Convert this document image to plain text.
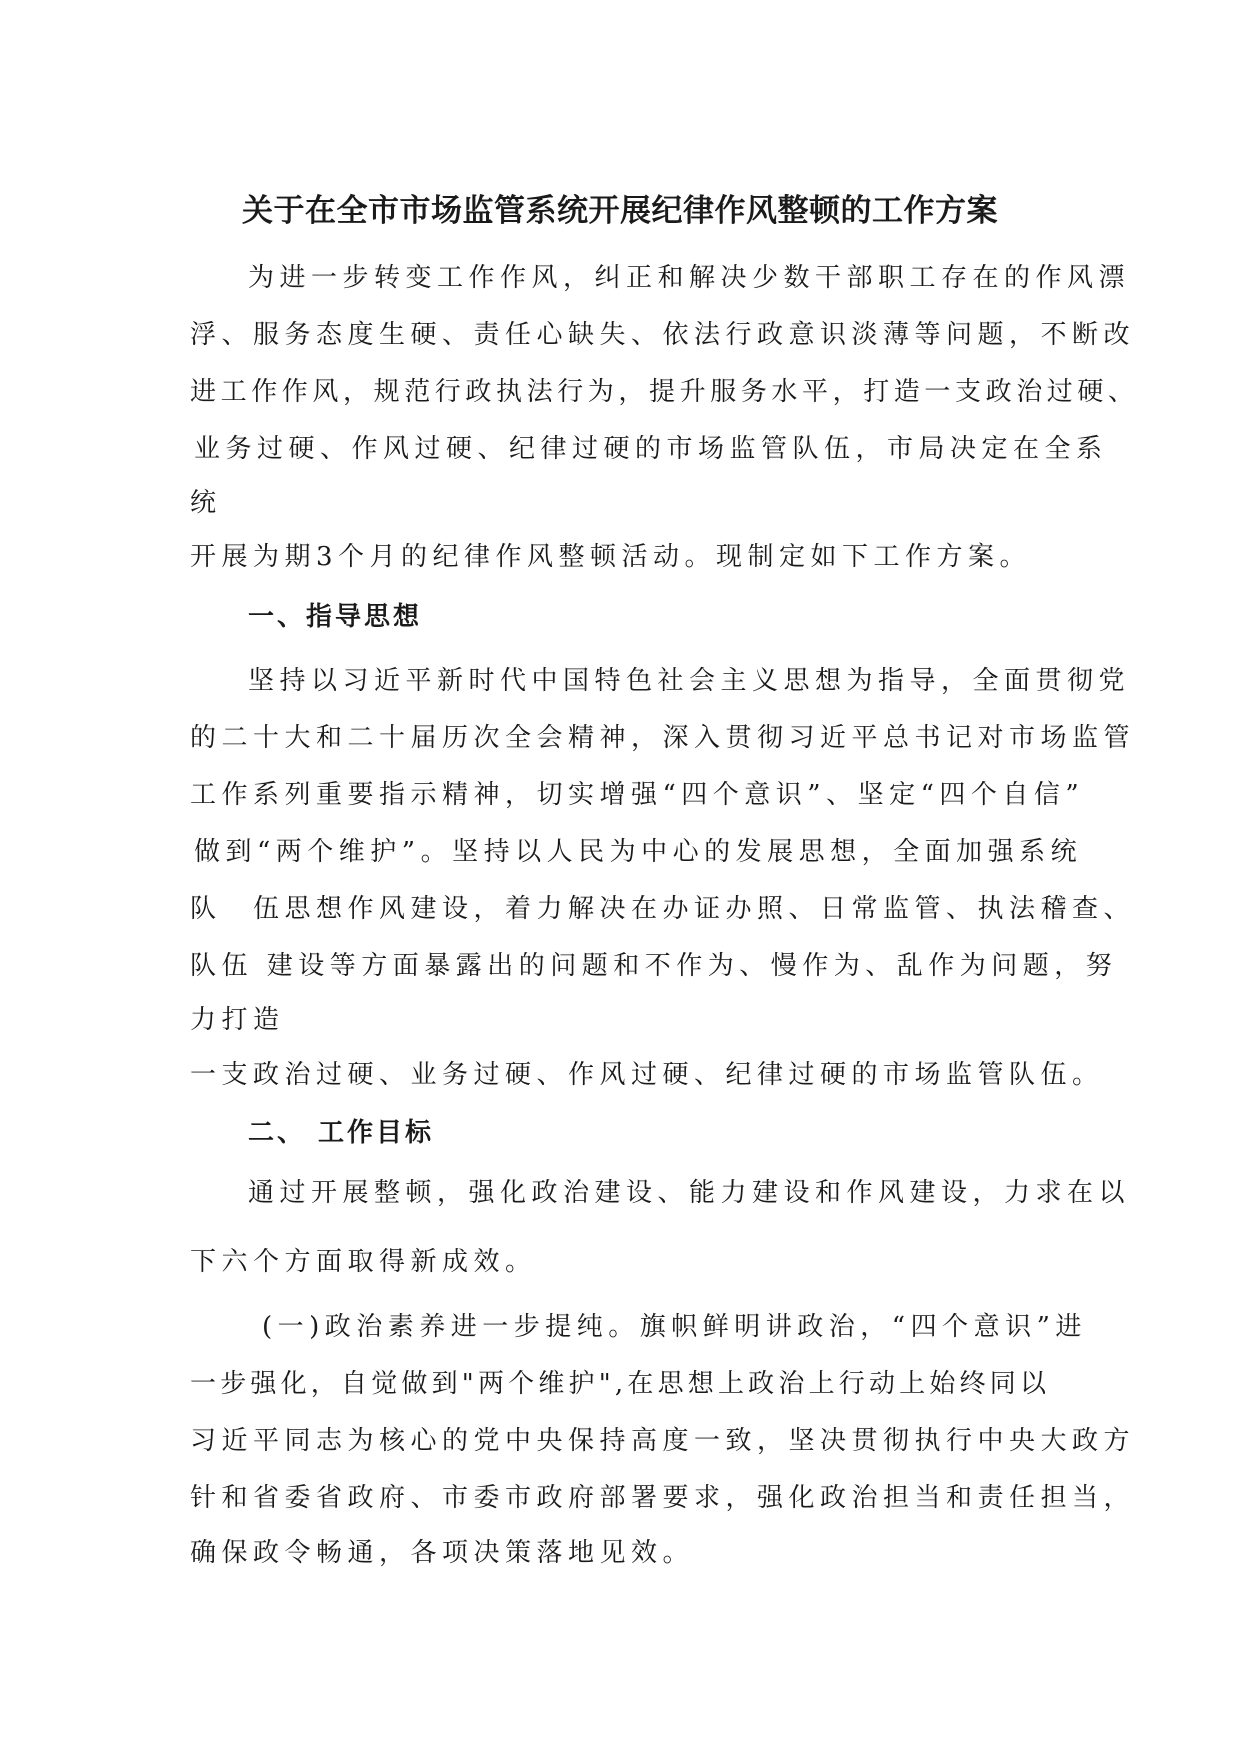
关于在全市市场监管系统开展纪律作风整顿的工作方案
为进一步转变工作作风，纠正和解决少数干部职工存在的作风漂
浮、服务态度生硬、责任心缺失、依法行政意识淡薄等问题，不断改
进工作作风，规范行政执法行为，提升服务水平，打造一支政治过硬、
业务过硬、作风过硬、纪律过硬的市场监管队伍，市局决定在全系
统
开展为期3个月的纪律作风整顿活动。现制定如下工作方案。
一、指导思想
坚持以习近平新时代中国特色社会主义思想为指导，全面贯彻党
的二十大和二十届历次全会精神，深入贯彻习近平总书记对市场监管
工作系列重要指示精神，切实增强“四个意识”、坚定“四个自信”
做到“两个维护”。坚持以人民为中心的发展思想，全面加强系统
队　伍思想作风建设，着力解决在办证办照、日常监管、执法稽查、
队伍 建设等方面暴露出的问题和不作为、慢作为、乱作为问题，努
力打造
一支政治过硬、业务过硬、作风过硬、纪律过硬的市场监管队伍。
二、 工作目标
通过开展整顿，强化政治建设、能力建设和作风建设，力求在以
下六个方面取得新成效。
(一)政治素养进一步提纯。旗帜鲜明讲政治，“四个意识”进
一步强化，自觉做到"两个维护",在思想上政治上行动上始终同以
习近平同志为核心的党中央保持高度一致，坚决贯彻执行中央大政方
针和省委省政府、市委市政府部署要求，强化政治担当和责任担当，
确保政令畅通，各项决策落地见效。
